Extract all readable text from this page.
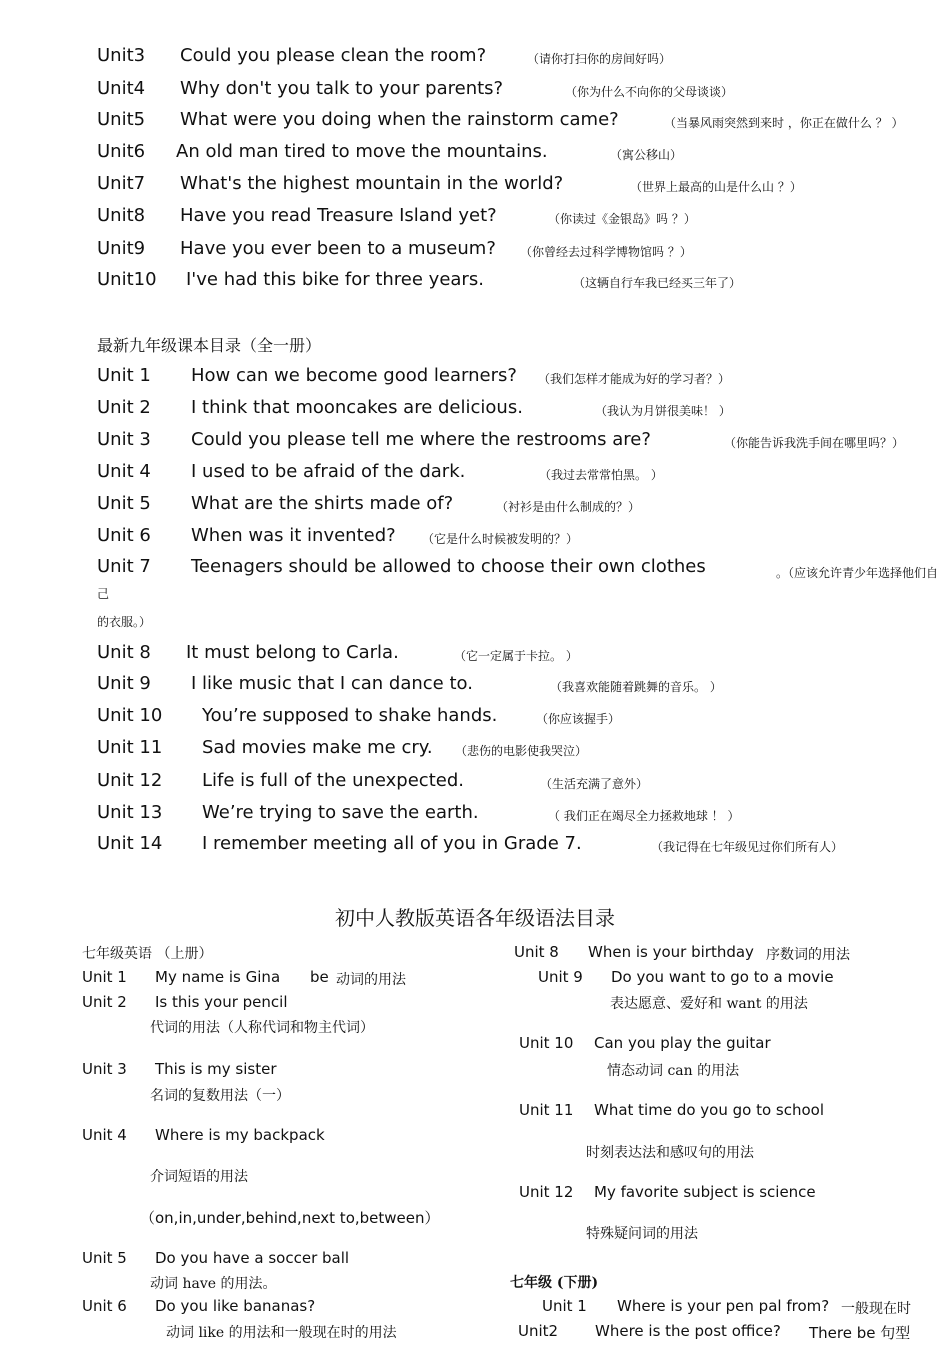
Unit3 Could you please clean the room?	（请你打扫你的房间好吗）
Unit4 Why don't you talk to your parents?	（你为什么不向你的父母谈谈）
Unit5 What were you doing when the rainstorm came?	（当暴风雨突然到来时 ，你正在做什么 ？ ）
Unit6 An old man tired to move the mountains.	（寓公移山）
Unit7 What's the highest mountain in the world?	（世界上最高的山是什么山 ？）
Unit8 Have you read Treasure Island yet?	（你读过《金银岛》吗 ？）
Unit9 Have you ever been to a museum? （你曾经去过科学博物馆吗 ？）
Unit10 I've had this bike for three years.	（这辆自行车我已经买三年了）
最新九年级课本目录（全一册）
Unit 1 How can we become good learners? （我们怎样才能成为好的学习者？）
Unit 2 I think that mooncakes are delicious.	（我认为月饼很美味！ ）
Unit 3 Could you please tell me where the restrooms are?	（你能告诉我洗手间在哪里吗？）
Unit 4 I used to be afraid of the dark.	（我过去常常怕黑。 ）
Unit 5 What are the shirts made of?	（衬衫是由什么制成的？）
Unit 6 When was it invented? （它是什么时候被发明的？）
Unit 7 Teenagers should be allowed to choose their own clothes	。（应该允许青少年选择他们自
己
的衣服。）
Unit 8 It must belong to Carla.	（它一定属于卡拉。 ）
Unit 9 I like music that I can dance to.	（我喜欢能随着跳舞的音乐。 ）
Unit 10 You’re supposed to shake hands.	（你应该握手）
Unit 11 Sad movies make me cry. （悲伤的电影使我哭泣）
Unit 12 Life is full of the unexpected.	（生活充满了意外）
Unit 13 We’re trying to save the earth.	（ 我们正在竭尽全力拯救地球 ！ ）
Unit 14 I remember meeting all of you in Grade 7.	（我记得在七年级见过你们所有人）
初中人教版英语各年级语法目录
七年级英语 （上册）
Unit 1 My name is Gina be 动词的用法
Unit 2 Is this your pencil
代词的用法（人称代词和物主代词）
Unit 3 This is my sister
名词的复数用法（一）
Unit 4 Where is my backpack
介词短语的用法
（on,in,under,behind,next to,between）
Unit 5 Do you have a soccer ball
动词 have 的用法。
Unit 6 Do you like bananas?
动词 like 的用法和一般现在时的用法
Unit 8 When is your birthday 序数词的用法
Unit 9 Do you want to go to a movie
表达愿意、爱好和 want 的用法
Unit 10 Can you play the guitar
情态动词 can 的用法
Unit 11 What time do you go to school
时刻表达法和感叹句的用法
Unit 12 My favorite subject is science
特殊疑问词的用法
七年级 (下册)
Unit 1 Where is your pen pal from? 一般现在时
Unit2 Where is the post office? There be 句型
